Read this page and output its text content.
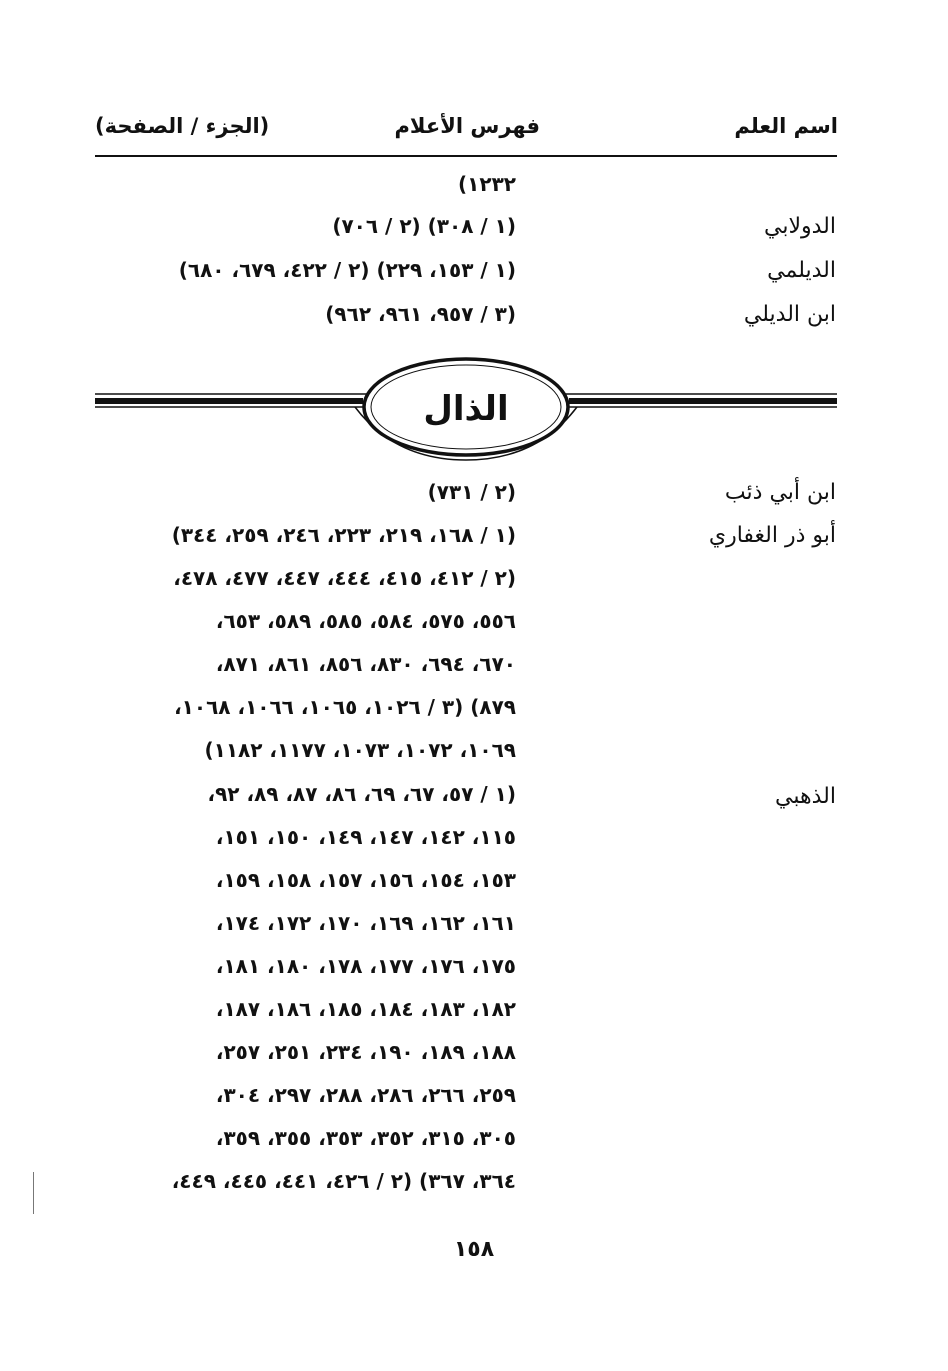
اسم العلم
فهرس الأعلام
(الجزء / الصفحة)
١٢٣٢)
الدولابي
(١ / ٣٠٨) (٢ / ٧٠٦)
الديلمي
(١ / ١٥٣، ٢٢٩) (٢ / ٤٢٢، ٦٧٩، ٦٨٠)
ابن الديلي
(٣ / ٩٥٧، ٩٦١، ٩٦٢)
الذال
ابن أبي ذئب
(٢ / ٧٣١)
أبو ذر الغفاري
(١ / ١٦٨، ٢١٩، ٢٢٣، ٢٤٦، ٢٥٩، ٣٤٤)
(٢ / ٤١٢، ٤١٥، ٤٤٤، ٤٤٧، ٤٧٧، ٤٧٨،
٥٥٦، ٥٧٥، ٥٨٤، ٥٨٥، ٥٨٩، ٦٥٣،
٦٧٠، ٦٩٤، ٨٣٠، ٨٥٦، ٨٦١، ٨٧١،
٨٧٩) (٣ / ١٠٢٦، ١٠٦٥، ١٠٦٦، ١٠٦٨،
١٠٦٩، ١٠٧٢، ١٠٧٣، ١١٧٧، ١١٨٢)
الذهبي
(١ / ٥٧، ٦٧، ٦٩، ٨٦، ٨٧، ٨٩، ٩٢،
١١٥، ١٤٢، ١٤٧، ١٤٩، ١٥٠، ١٥١،
١٥٣، ١٥٤، ١٥٦، ١٥٧، ١٥٨، ١٥٩،
١٦١، ١٦٢، ١٦٩، ١٧٠، ١٧٢، ١٧٤،
١٧٥، ١٧٦، ١٧٧، ١٧٨، ١٨٠، ١٨١،
١٨٢، ١٨٣، ١٨٤، ١٨٥، ١٨٦، ١٨٧،
١٨٨، ١٨٩، ١٩٠، ٢٣٤، ٢٥١، ٢٥٧،
٢٥٩، ٢٦٦، ٢٨٦، ٢٨٨، ٢٩٧، ٣٠٤،
٣٠٥، ٣١٥، ٣٥٢، ٣٥٣، ٣٥٥، ٣٥٩،
٣٦٤، ٣٦٧) (٢ / ٤٢٦، ٤٤١، ٤٤٥، ٤٤٩،
١٥٨
